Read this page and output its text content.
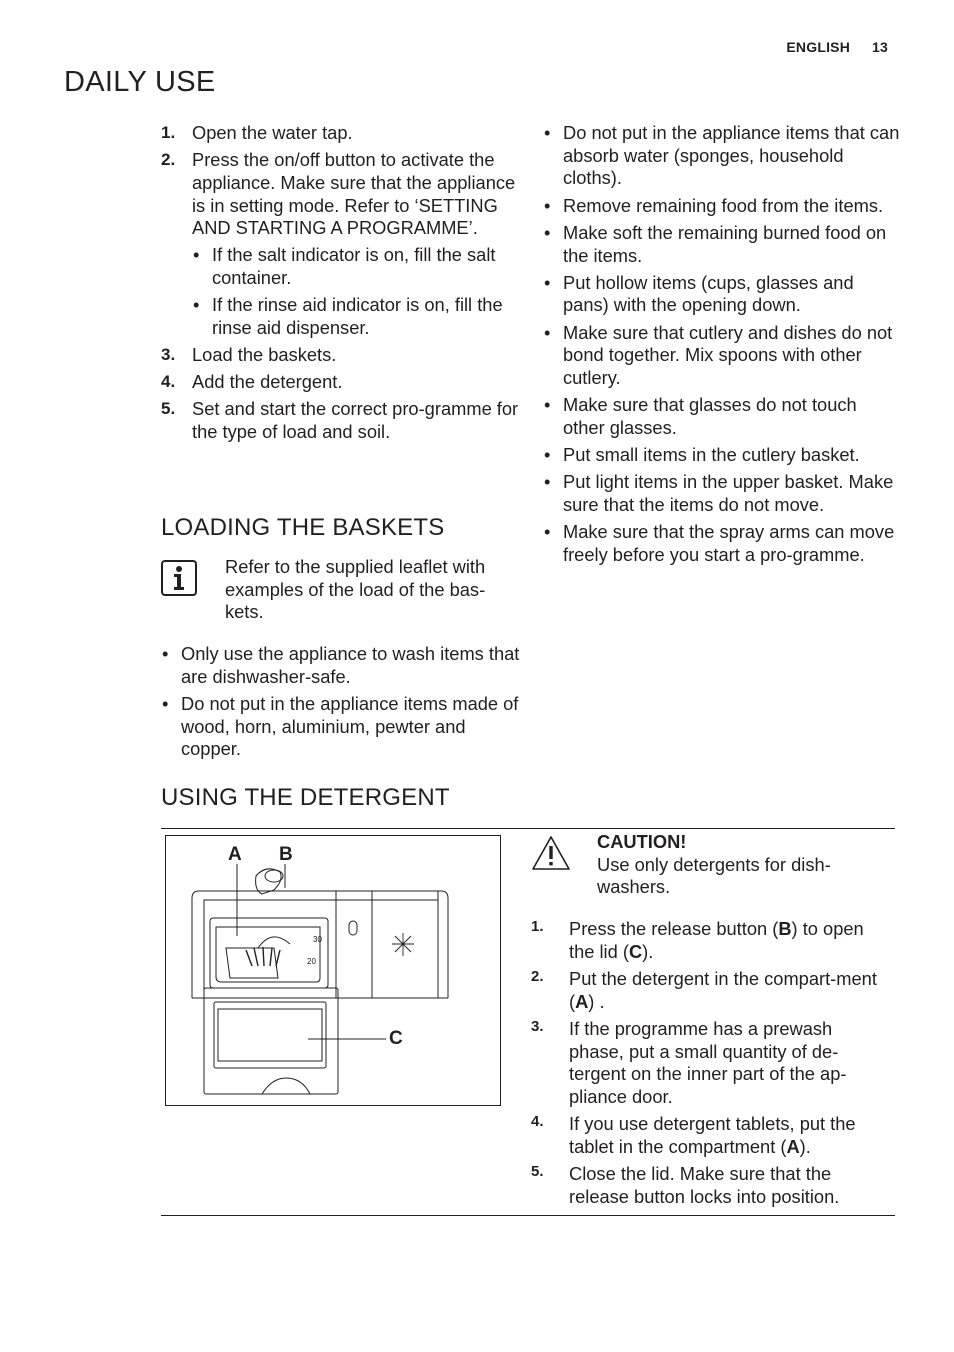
ENGLISH 13
DAILY USE
1. Open the water tap.
2. Press the on/off button to activate the appliance. Make sure that the appliance is in setting mode. Refer to ‘SETTING AND STARTING A PROGRAMME’.
• If the salt indicator is on, fill the salt container.
• If the rinse aid indicator is on, fill the rinse aid dispenser.
3. Load the baskets.
4. Add the detergent.
5. Set and start the correct pro-gramme for the type of load and soil.
LOADING THE BASKETS
Refer to the supplied leaflet with examples of the load of the bas-kets.
• Only use the appliance to wash items that are dishwasher-safe.
• Do not put in the appliance items made of wood, horn, aluminium, pewter and copper.
• Do not put in the appliance items that can absorb water (sponges, household cloths).
• Remove remaining food from the items.
• Make soft the remaining burned food on the items.
• Put hollow items (cups, glasses and pans) with the opening down.
• Make sure that cutlery and dishes do not bond together. Mix spoons with other cutlery.
• Make sure that glasses do not touch other glasses.
• Put small items in the cutlery basket.
• Put light items in the upper basket. Make sure that the items do not move.
• Make sure that the spray arms can move freely before you start a pro-gramme.
USING THE DETERGENT
30
20
A B
C
CAUTION!
Use only detergents for dish-washers.
1. Press the release button (B) to open the lid (C).
2. Put the detergent in the compart-ment (A) .
3. If the programme has a prewash phase, put a small quantity of de-tergent on the inner part of the ap-pliance door.
4. If you use detergent tablets, put the tablet in the compartment (A).
5. Close the lid. Make sure that the release button locks into position.
